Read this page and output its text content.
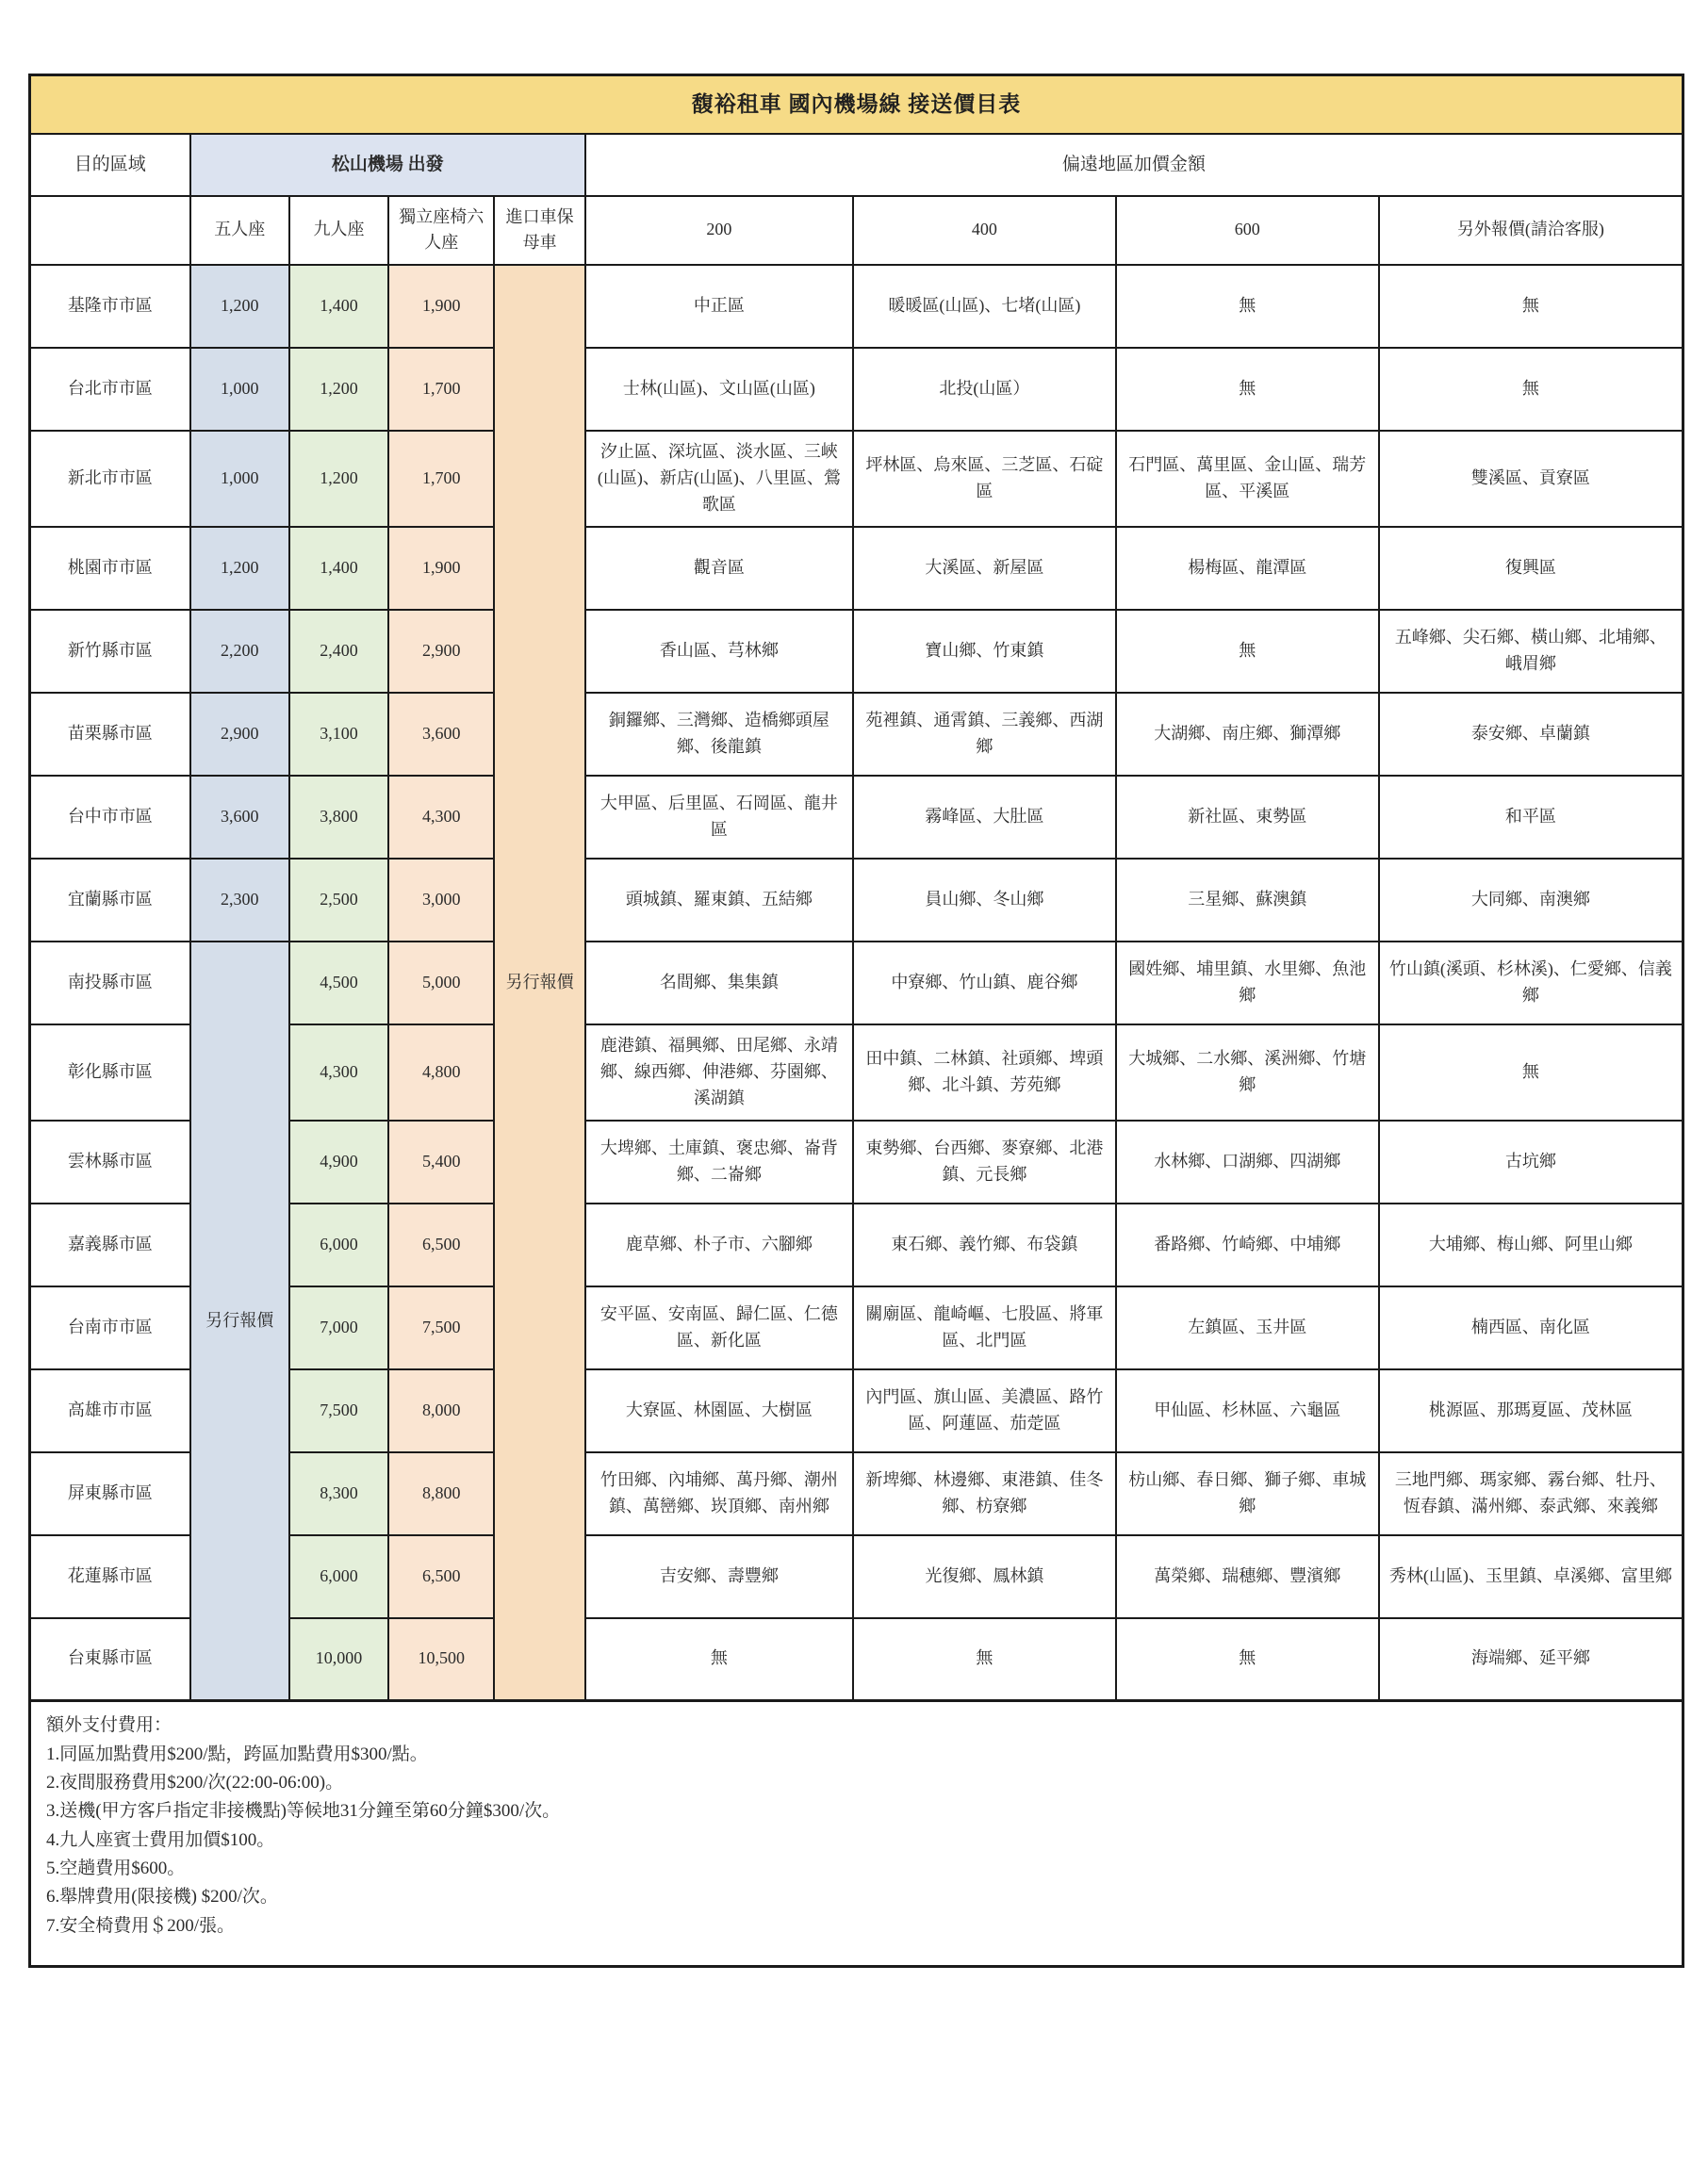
馥裕租車 國內機場線 接送價目表								
目的區域	松山機場 出發				偏遠地區加價金額			
	五人座	九人座	獨立座椅六人座	進口車保母車	200	400	600	另外報價(請洽客服)
基隆市市區	1,200	1,400	1,900	另行報價	中正區	暖暖區(山區)、七堵(山區)	無	無
台北市市區	1,000	1,200	1,700		士林(山區)、文山區(山區)	北投(山區）	無	無
新北市市區	1,000	1,200	1,700		汐止區、深坑區、淡水區、三峽(山區)、新店(山區)、八里區、鶯歌區	坪林區、烏來區、三芝區、石碇區	石門區、萬里區、金山區、瑞芳區、平溪區	雙溪區、貢寮區
桃園市市區	1,200	1,400	1,900		觀音區	大溪區、新屋區	楊梅區、龍潭區	復興區
新竹縣市區	2,200	2,400	2,900		香山區、芎林鄉	寶山鄉、竹東鎮	無	五峰鄉、尖石鄉、橫山鄉、北埔鄉、峨眉鄉
苗栗縣市區	2,900	3,100	3,600		銅鑼鄉、三灣鄉、造橋鄉頭屋鄉、後龍鎮	苑裡鎮、通霄鎮、三義鄉、西湖鄉	大湖鄉、南庄鄉、獅潭鄉	泰安鄉、卓蘭鎮
台中市市區	3,600	3,800	4,300		大甲區、后里區、石岡區、龍井區	霧峰區、大肚區	新社區、東勢區	和平區
宜蘭縣市區	2,300	2,500	3,000		頭城鎮、羅東鎮、五結鄉	員山鄉、冬山鄉	三星鄉、蘇澳鎮	大同鄉、南澳鄉
南投縣市區	另行報價	4,500	5,000		名間鄉、集集鎮	中寮鄉、竹山鎮、鹿谷鄉	國姓鄉、埔里鎮、水里鄉、魚池鄉	竹山鎮(溪頭、杉林溪)、仁愛鄉、信義鄉
彰化縣市區		4,300	4,800		鹿港鎮、福興鄉、田尾鄉、永靖鄉、線西鄉、伸港鄉、芬園鄉、溪湖鎮	田中鎮、二林鎮、社頭鄉、埤頭鄉、北斗鎮、芳苑鄉	大城鄉、二水鄉、溪洲鄉、竹塘鄉	無
雲林縣市區		4,900	5,400		大埤鄉、土庫鎮、褒忠鄉、崙背鄉、二崙鄉	東勢鄉、台西鄉、麥寮鄉、北港鎮、元長鄉	水林鄉、口湖鄉、四湖鄉	古坑鄉
嘉義縣市區		6,000	6,500		鹿草鄉、朴子市、六腳鄉	東石鄉、義竹鄉、布袋鎮	番路鄉、竹崎鄉、中埔鄉	大埔鄉、梅山鄉、阿里山鄉
台南市市區		7,000	7,500		安平區、安南區、歸仁區、仁德區、新化區	關廟區、龍崎嶇、七股區、將軍區、北門區	左鎮區、玉井區	楠西區、南化區
高雄市市區		7,500	8,000		大寮區、林園區、大樹區	內門區、旗山區、美濃區、路竹區、阿蓮區、茄萣區	甲仙區、杉林區、六龜區	桃源區、那瑪夏區、茂林區
屏東縣市區		8,300	8,800		竹田鄉、內埔鄉、萬丹鄉、潮州鎮、萬巒鄉、崁頂鄉、南州鄉	新埤鄉、林邊鄉、東港鎮、佳冬鄉、枋寮鄉	枋山鄉、春日鄉、獅子鄉、車城鄉	三地門鄉、瑪家鄉、霧台鄉、牡丹、恆春鎮、滿州鄉、泰武鄉、來義鄉
花蓮縣市區		6,000	6,500		吉安鄉、壽豐鄉	光復鄉、鳳林鎮	萬榮鄉、瑞穗鄉、豐濱鄉	秀林(山區)、玉里鎮、卓溪鄉、富里鄉
台東縣市區		10,000	10,500		無	無	無	海端鄉、延平鄉

額外支付費用：

1.同區加點費用$200/點，跨區加點費用$300/點。

2.夜間服務費用$200/次(22:00-06:00)。

3.送機(甲方客戶指定非接機點)等候地31分鐘至第60分鐘$300/次。

4.九人座賓士費用加價$100。

5.空趟費用$600。

6.舉牌費用(限接機) $200/次。

7.安全椅費用＄200/張。
